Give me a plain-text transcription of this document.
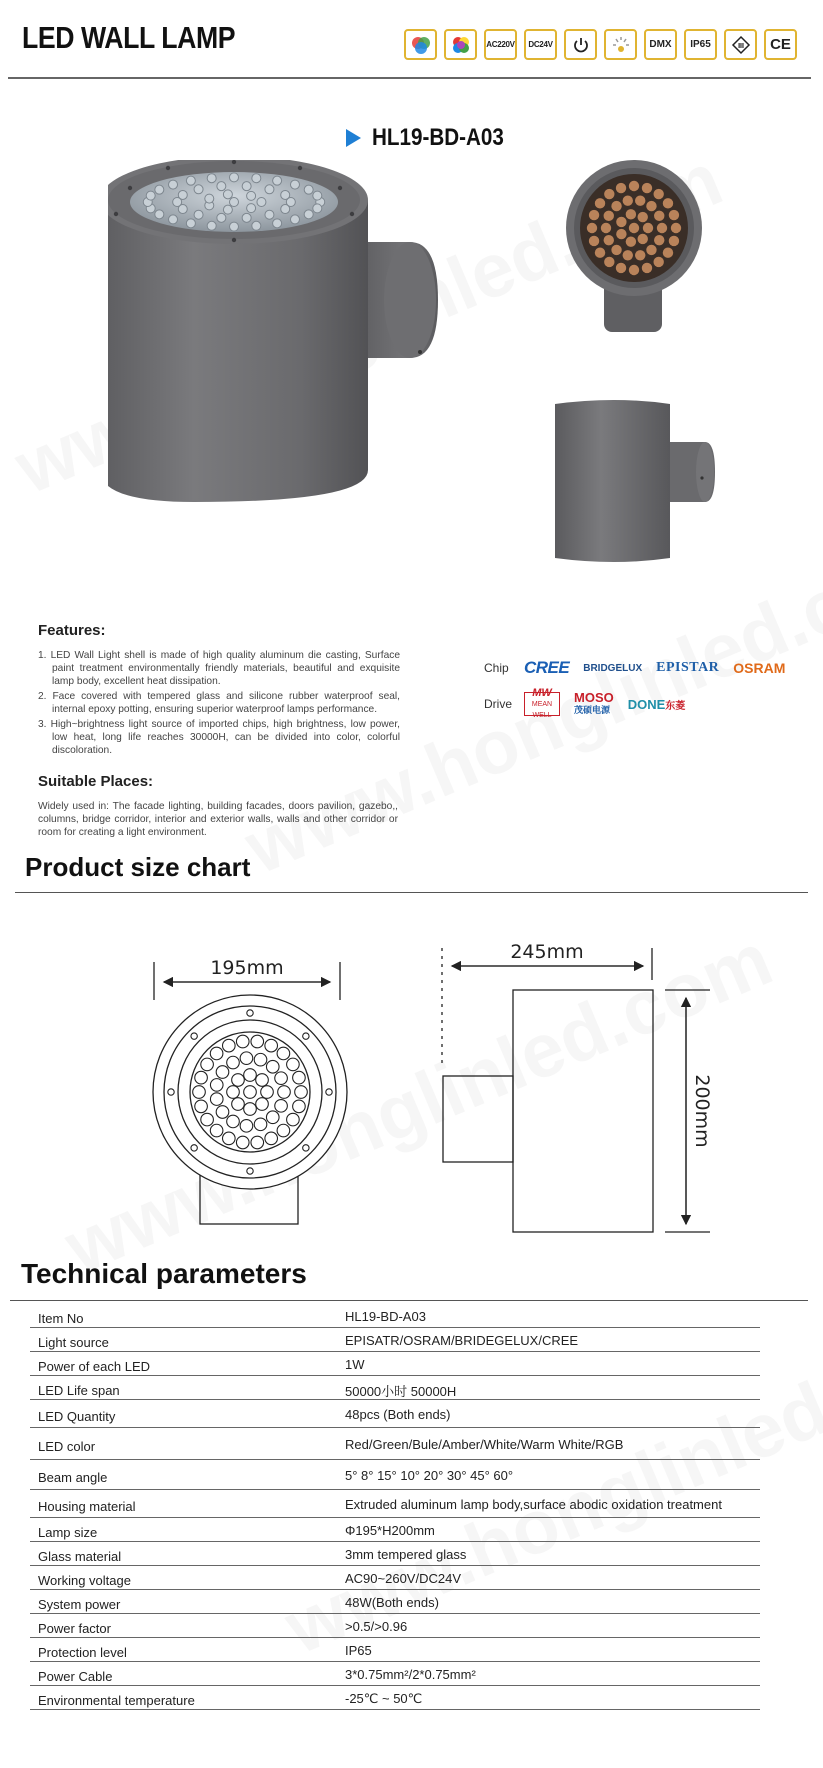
LED WALL LAMP	AC220V	DC24V	DMX	IP65	III CE
HL19-BD-A03
Features:
1. LED Wall Light shell is made of high quality aluminum die casting, Surface paint treatment environmentally friendly materials, beautiful and exquisite lamp body, excellent heat dissipation.
2. Face covered with tempered glass and silicone rubber waterproof seal, internal epoxy potting, ensuring superior waterproof lamps performance.
3. High~brightness light source of imported chips, high brightness, low power, low heat, long life reaches 30000H, can be divided into color, colorful discoloration.
Suitable Places:
Widely used in: The facade lighting, building facades, doors pavilion, gazebo,, columns, bridge corridor, interior and exterior walls, walls and other corridor or room for creating a light environment.
Chip CREE BRIDGELUX EPISTAR OSRAM
Drive
MW
MEAN WELL
MOSO
茂硕电源 DONE东菱
Product size chart
195mm
245mm
200mm
Technical parameters
Item No	HL19-BD-A03
Light source	EPISATR/OSRAM/BRIDEGELUX/CREE
Power of each LED	1W
LED Life span	50000小时 50000H
LED Quantity	48pcs (Both ends)
LED color	Red/Green/Bule/Amber/White/Warm White/RGB
Beam angle	5° 8° 15° 10° 20° 30° 45° 60°
Housing material	Extruded aluminum lamp body,surface abodic oxidation treatment
Lamp size	Φ195*H200mm
Glass material	3mm tempered glass
Working voltage	AC90~260V/DC24V
System power	48W(Both ends)
Power factor	>0.5/>0.96
Protection level	IP65
Power Cable	3*0.75mm²/2*0.75mm²
Environmental temperature	-25℃ ~ 50℃
